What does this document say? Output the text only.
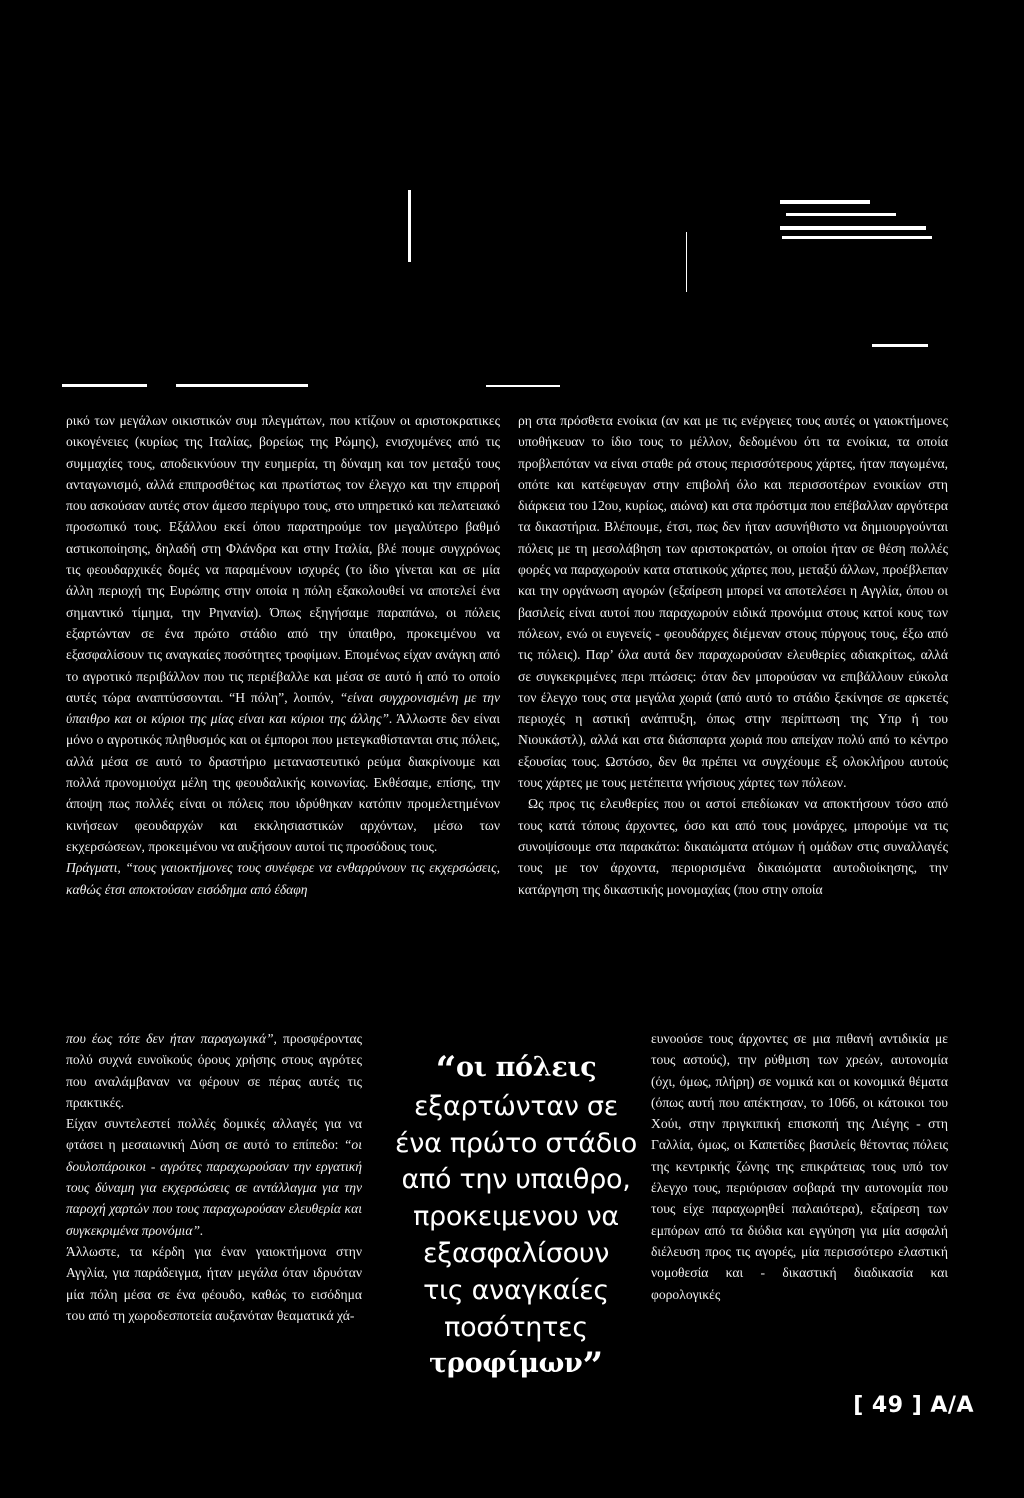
ρικό των μεγάλων οικιστικών συμ πλεγμάτων, που κτίζουν οι αριστοκρατικες οικογένειες (κυρίως της Ιταλίας, βορείως της Ρώμης), ενισχυμένες από τις συμμαχίες τους, αποδεικνύουν την ευημερία, τη δύναμη και τον μεταξύ τους ανταγωνισμό, αλλά επιπροσθέτως και πρωτίστως τον έλεγχο και την επιρροή που ασκούσαν αυτές στον άμεσο περίγυρο τους, στο υπηρετικό και πελατειακό προσωπικό τους. Εξάλλου εκεί όπου παρατηρούμε τον μεγαλύτερο βαθμό αστικοποίησης, δηλαδή στη Φλάνδρα και στην Ιταλία, βλέ πουμε συγχρόνως τις φεουδαρχικές δομές να παραμένουν ισχυρές (το ίδιο γίνεται και σε μία άλλη περιοχή της Ευρώπης στην οποία η πόλη εξακολουθεί να αποτελεί ένα σημαντικό τίμημα, την Ρηνανία). Όπως εξηγήσαμε παραπάνω, οι πόλεις εξαρτώνταν σε ένα πρώτο στάδιο από την ύπαιθρο, προκειμένου να εξασφαλίσουν τις αναγκαίες ποσότητες τροφίμων. Επομένως είχαν ανάγκη από το αγροτικό περιβάλλον που τις περιέβαλλε και μέσα σε αυτό ή από το οποίο αυτές τώρα αναπτύσσονται. “Η πόλη”, λοιπόν, “είναι συγχρονισμένη με την ύπαιθρο και οι κύριοι της μίας είναι και κύριοι της άλλης”. Άλλωστε δεν είναι μόνο ο αγροτικός πληθυσμός και οι έμποροι που μετεγκαθίστανται στις πόλεις, αλλά μέσα σε αυτό το δραστήριο μεταναστευτικό ρεύμα διακρίνουμε και πολλά προνομιούχα μέλη της φεουδαλικής κοινωνίας. Εκθέσαμε, επίσης, την άποψη πως πολλές είναι οι πόλεις που ιδρύθηκαν κατόπιν προμελετημένων κινήσεων φεουδαρχών και εκκλησιαστικών αρχόντων, μέσω των εκχερσώσεων, προκειμένου να αυξήσουν αυτοί τις προσόδους τους.

Πράγματι, “τους γαιοκτήμονες τους συνέφερε να ενθαρρύνουν τις εκχερσώσεις, καθώς έτσι αποκτούσαν εισόδημα από έδαφη

που έως τότε δεν ήταν παραγωγικά”, προσφέροντας πολύ συχνά ευνοϊκούς όρους χρήσης στους αγρότες που αναλάμβαναν να φέρουν σε πέρας αυτές τις πρακτικές.

Είχαν συντελεστεί πολλές δομικές αλλαγές για να φτάσει η μεσαιωνική Δύση σε αυτό το επίπεδο: “οι δουλοπάροικοι - αγρότες παραχωρούσαν την εργατική τους δύναμη για εκχερσώσεις σε αντάλλαγμα για την παροχή χαρτών που τους παραχωρούσαν ελευθερία και συγκεκριμένα προνόμια”.

Άλλωστε, τα κέρδη για έναν γαιοκτήμονα στην Αγγλία, για παράδειγμα, ήταν μεγάλα όταν ιδρυόταν μία πόλη μέσα σε ένα φέουδο, καθώς το εισόδημα του από τη χωροδεσποτεία αυξανόταν θεαματικά χά-

ρη στα πρόσθετα ενοίκια (αν και με τις ενέργειες τους αυτές οι γαιοκτήμονες υποθήκευαν το ίδιο τους το μέλλον, δεδομένου ότι τα ενοίκια, τα οποία προβλεπόταν να είναι σταθε ρά στους περισσότερους χάρτες, ήταν παγωμένα, οπότε και κατέφευγαν στην επιβολή όλο και περισσοτέρων ενοικίων στη διάρκεια του 12ου, κυρίως, αιώνα) και στα πρόστιμα που επέβαλλαν αργότερα τα δικαστήρια. Βλέπουμε, έτσι, πως δεν ήταν ασυνήθιστο να δημιουργούνται πόλεις με τη μεσολάβηση των αριστοκρατών, οι οποίοι ήταν σε θέση πολλές φορές να παραχωρούν κατα στατικούς χάρτες που, μεταξύ άλλων, προέβλεπαν και την οργάνωση αγορών (εξαίρεση μπορεί να αποτελέσει η Αγγλία, όπου οι βασιλείς είναι αυτοί που παραχωρούν ειδικά προνόμια στους κατοί κους των πόλεων, ενώ οι ευγενείς - φεουδάρχες διέμεναν στους πύργους τους, έξω από τις πόλεις). Παρ’ όλα αυτά δεν παραχωρούσαν ελευθερίες αδιακρίτως, αλλά σε συγκεκριμένες περι πτώσεις: όταν δεν μπορούσαν να επιβάλλουν εύκολα τον έλεγχο τους στα μεγάλα χωριά (από αυτό το στάδιο ξεκίνησε σε αρκετές περιοχές η αστική ανάπτυξη, όπως στην περίπτωση της Υπρ ή του Νιουκάστλ), αλλά και στα διάσπαρτα χωριά που απείχαν πολύ από το κέντρο εξουσίας τους. Ωστόσο, δεν θα πρέπει να συγχέουμε εξ ολοκλήρου αυτούς τους χάρτες με τους μετέπειτα γνήσιους χάρτες των πόλεων.

Ως προς τις ελευθερίες που οι αστοί επεδίωκαν να αποκτήσουν τόσο από τους κατά τόπους άρχοντες, όσο και από τους μονάρχες, μπορούμε να τις συνοψίσουμε στα παρακάτω: δικαιώματα ατόμων ή ομάδων στις συναλλαγές τους με τον άρχοντα, περιορισμένα δικαιώματα αυτοδιοίκησης, την κατάργηση της δικαστικής μονομαχίας (που στην οποία

ευνοούσε τους άρχοντες σε μια πιθανή αντιδικία με τους αστούς), την ρύθμιση των χρεών, αυτονομία (όχι, όμως, πλήρη) σε νομικά και οι κονομικά θέματα (όπως αυτή που απέκτησαν, το 1066, οι κάτοικοι του Χούι, στην πριγκιπική επισκοπή της Λιέγης - στη Γαλλία, όμως, οι Καπετίδες βασιλείς θέτοντας πόλεις της κεντρικής ζώνης της επικράτειας τους υπό τον έλεγχο τους, περιόρισαν σοβαρά την αυτονομία που τους είχε παραχωρηθεί παλαιότερα), εξαίρεση των εμπόρων από τα διόδια και εγγύηση για μία ασφαλή διέλευση προς τις αγορές, μία περισσότερο ελαστική νομοθεσία και - δικαστική διαδικασία και φορολογικές

“οι πόλεις
εξαρτώνταν σε
ένα πρώτο στάδιο
από την υπαιθρο,
προκειμενου να
εξασφαλίσουν
τις αναγκαίες
ποσότητες
τροφίμων”
[ 49 ] Α/Α
